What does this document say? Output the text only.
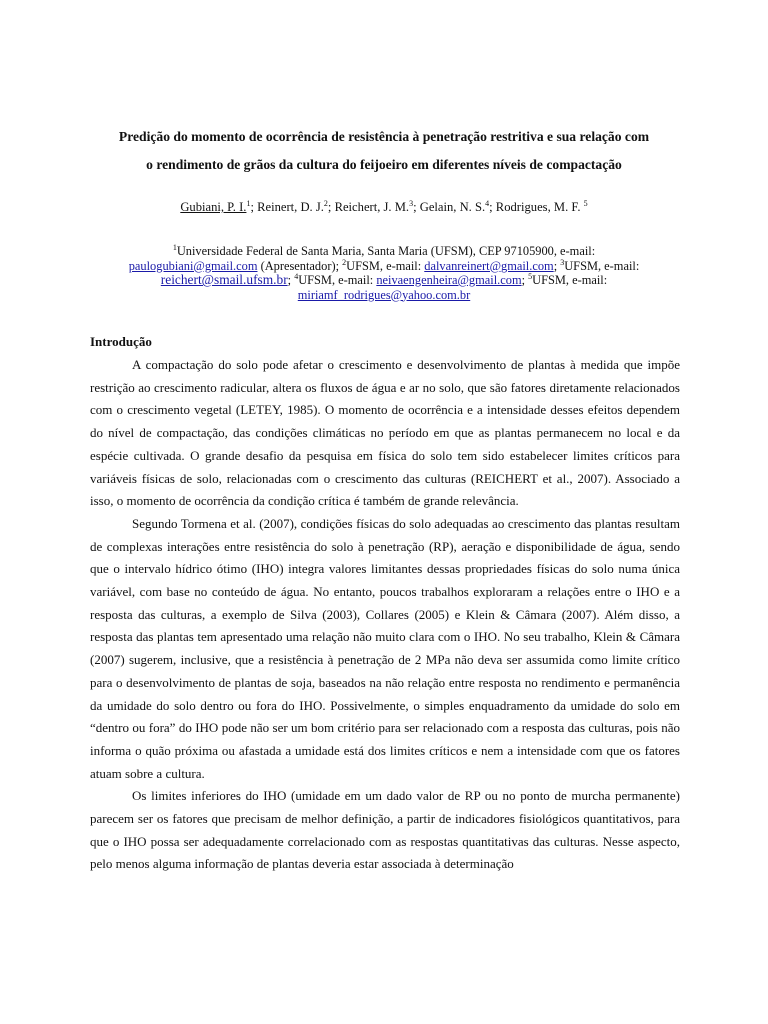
Predição do momento de ocorrência de resistência à penetração restritiva e sua relação com
o rendimento de grãos da cultura do feijoeiro em diferentes níveis de compactação
Gubiani, P. I.$^1$; Reinert, D. J.$^2$; Reichert, J. M.$^3$; Gelain, N. S.$^4$; Rodrigues, M. F. $^5$
$^1$Universidade Federal de Santa Maria, Santa Maria (UFSM), CEP 97105900, e-mail:
paulogubiani@gmail.com (Apresentador); $^2$UFSM, e-mail: dalvanreinert@gmail.com; $^3$UFSM, e-mail:
reichert@smail.ufsm.br; $^4$UFSM, e-mail: neivaengenheira@gmail.com; $^5$UFSM, e-mail:
miriamf_rodrigues@yahoo.com.br
Introdução

A compactação do solo pode afetar o crescimento e desenvolvimento de plantas à medida que impõe restrição ao crescimento radicular, altera os fluxos de água e ar no solo, que são fatores diretamente relacionados com o crescimento vegetal (LETEY, 1985). O momento de ocorrência e a intensidade desses efeitos dependem do nível de compactação, das condições climáticas no período em que as plantas permanecem no local e da espécie cultivada. O grande desafio da pesquisa em física do solo tem sido estabelecer limites críticos para variáveis físicas de solo, relacionadas com o crescimento das culturas (REICHERT et al., 2007). Associado a isso, o momento de ocorrência da condição crítica é também de grande relevância.

Segundo Tormena et al. (2007), condições físicas do solo adequadas ao crescimento das plantas resultam de complexas interações entre resistência do solo à penetração (RP), aeração e disponibilidade de água, sendo que o intervalo hídrico ótimo (IHO) integra valores limitantes dessas propriedades físicas do solo numa única variável, com base no conteúdo de água. No entanto, poucos trabalhos exploraram a relações entre o IHO e a resposta das culturas, a exemplo de Silva (2003), Collares (2005) e Klein & Câmara (2007). Além disso, a resposta das plantas tem apresentado uma relação não muito clara com o IHO. No seu trabalho, Klein & Câmara (2007) sugerem, inclusive, que a resistência à penetração de 2 MPa não deva ser assumida como limite crítico para o desenvolvimento de plantas de soja, baseados na não relação entre resposta no rendimento e permanência da umidade do solo dentro ou fora do IHO. Possivelmente, o simples enquadramento da umidade do solo em “dentro ou fora” do IHO pode não ser um bom critério para ser relacionado com a resposta das culturas, pois não informa o quão próxima ou afastada a umidade está dos limites críticos e nem a intensidade com que os fatores atuam sobre a cultura.

Os limites inferiores do IHO (umidade em um dado valor de RP ou no ponto de murcha permanente) parecem ser os fatores que precisam de melhor definição, a partir de indicadores fisiológicos quantitativos, para que o IHO possa ser adequadamente correlacionado com as respostas quantitativas das culturas. Nesse aspecto, pelo menos alguma informação de plantas deveria estar associada à determinação
